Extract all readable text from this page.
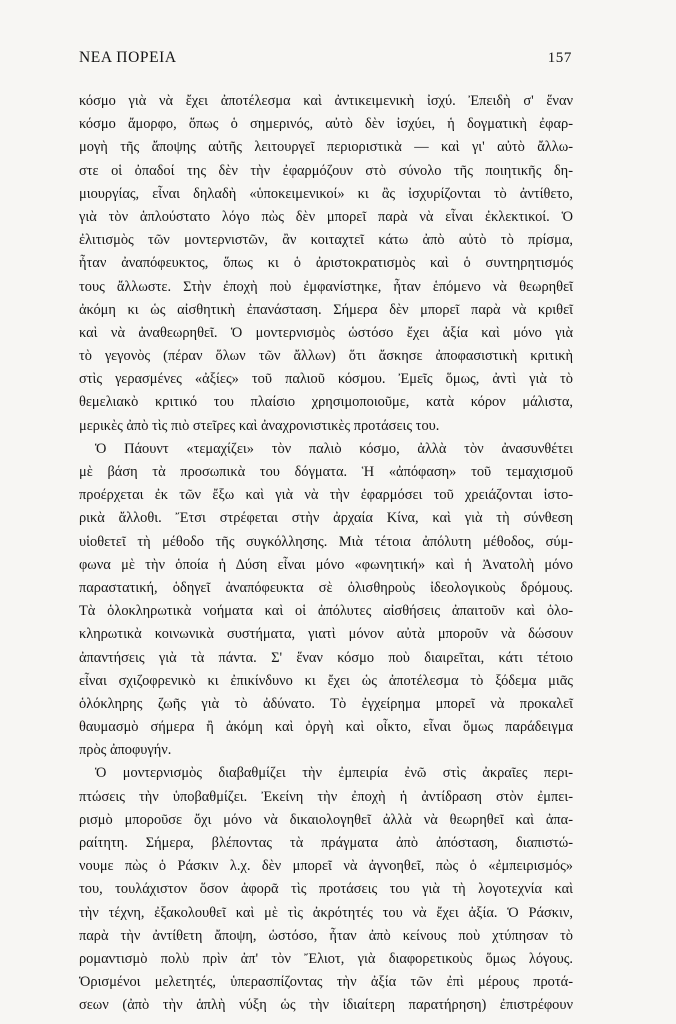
ΝΕΑ ΠΟΡΕΙΑ	157
κόσμο γιὰ νὰ ἔχει ἀποτέλεσμα καὶ ἀντικειμενικὴ ἰσχύ. Ἐπειδὴ σ' ἕναν
κόσμο ἄμορφο, ὅπως ὁ σημερινός, αὐτὸ δὲν ἰσχύει, ἡ δογματικὴ ἐφαρ-
μογὴ τῆς ἄποψης αὐτῆς λειτουργεῖ περιοριστικὰ — καὶ γι' αὐτὸ ἄλλω-
στε οἱ ὀπαδοί της δὲν τὴν ἐφαρμόζουν στὸ σύνολο τῆς ποιητικῆς δη-
μιουργίας, εἶναι δηλαδὴ «ὑποκειμενικοί» κι ἂς ἰσχυρίζονται τὸ ἀντίθετο,
γιὰ τὸν ἁπλούστατο λόγο πὼς δὲν μπορεῖ παρὰ νὰ εἶναι ἐκλεκτικοί. Ὁ
ἐλιτισμὸς τῶν μοντερνιστῶν, ἂν κοιταχτεῖ κάτω ἀπὸ αὐτὸ τὸ πρίσμα,
ἦταν ἀναπόφευκτος, ὅπως κι ὁ ἀριστοκρατισμὸς καὶ ὁ συντηρητισμός
τους ἄλλωστε. Στὴν ἐποχὴ ποὺ ἐμφανίστηκε, ἦταν ἑπόμενο νὰ θεωρηθεῖ
ἀκόμη κι ὡς αἰσθητικὴ ἐπανάσταση. Σήμερα δὲν μπορεῖ παρὰ νὰ κριθεῖ
καὶ νὰ ἀναθεωρηθεῖ. Ὁ μοντερνισμὸς ὡστόσο ἔχει ἀξία καὶ μόνο γιὰ
τὸ γεγονὸς (πέραν ὅλων τῶν ἄλλων) ὅτι ἄσκησε ἀποφασιστικὴ κριτικὴ
στὶς γερασμένες «ἀξίες» τοῦ παλιοῦ κόσμου. Ἐμεῖς ὅμως, ἀντὶ γιὰ τὸ
θεμελιακὸ κριτικό του πλαίσιο χρησιμοποιοῦμε, κατὰ κόρον μάλιστα,
μερικὲς ἀπὸ τὶς πιὸ στεῖρες καὶ ἀναχρονιστικὲς προτάσεις του.
Ὁ Πάουντ «τεμαχίζει» τὸν παλιὸ κόσμο, ἀλλὰ τὸν ἀνασυνθέτει
μὲ βάση τὰ προσωπικὰ του δόγματα. Ἡ «ἀπόφαση» τοῦ τεμαχισμοῦ
προέρχεται ἐκ τῶν ἔξω καὶ γιὰ νὰ τὴν ἐφαρμόσει τοῦ χρειάζονται ἱστο-
ρικὰ ἄλλοθι. Ἔτσι στρέφεται στὴν ἀρχαία Κίνα, καὶ γιὰ τὴ σύνθεση
υἱοθετεῖ τὴ μέθοδο τῆς συγκόλλησης. Μιὰ τέτοια ἀπόλυτη μέθοδος, σύμ-
φωνα μὲ τὴν ὁποία ἡ Δύση εἶναι μόνο «φωνητική» καὶ ἡ Ἀνατολὴ μόνο
παραστατική, ὁδηγεῖ ἀναπόφευκτα σὲ ὀλισθηροὺς ἰδεολογικοὺς δρόμους.
Τὰ ὁλοκληρωτικὰ νοήματα καὶ οἱ ἀπόλυτες αἰσθήσεις ἀπαιτοῦν καὶ ὁλο-
κληρωτικὰ κοινωνικὰ συστήματα, γιατὶ μόνον αὐτὰ μποροῦν νὰ δώσουν
ἀπαντήσεις γιὰ τὰ πάντα. Σ' ἕναν κόσμο ποὺ διαιρεῖται, κάτι τέτοιο
εἶναι σχιζοφρενικὸ κι ἐπικίνδυνο κι ἔχει ὡς ἀποτέλεσμα τὸ ξόδεμα μιᾶς
ὁλόκληρης ζωῆς γιὰ τὸ ἀδύνατο. Τὸ ἐγχείρημα μπορεῖ νὰ προκαλεῖ
θαυμασμὸ σήμερα ἢ ἀκόμη καὶ ὀργὴ καὶ οἶκτο, εἶναι ὅμως παράδειγμα
πρὸς ἀποφυγήν.
Ὁ μοντερνισμὸς διαβαθμίζει τὴν ἐμπειρία ἐνῶ στὶς ἀκραῖες περι-
πτώσεις τὴν ὑποβαθμίζει. Ἐκείνη τὴν ἐποχὴ ἡ ἀντίδραση στὸν ἐμπει-
ρισμὸ μποροῦσε ὄχι μόνο νὰ δικαιολογηθεῖ ἀλλὰ νὰ θεωρηθεῖ καὶ ἀπα-
ραίτητη. Σήμερα, βλέποντας τὰ πράγματα ἀπὸ ἀπόσταση, διαπιστώ-
νουμε πὼς ὁ Ράσκιν λ.χ. δὲν μπορεῖ νὰ ἀγνοηθεῖ, πὼς ὁ «ἐμπειρισμός»
του, τουλάχιστον ὅσον ἀφορᾶ τὶς προτάσεις του γιὰ τὴ λογοτεχνία καὶ
τὴν τέχνη, ἐξακολουθεῖ καὶ μὲ τὶς ἀκρότητές του νὰ ἔχει ἀξία. Ὁ Ράσκιν,
παρὰ τὴν ἀντίθετη ἄποψη, ὡστόσο, ἦταν ἀπὸ κείνους ποὺ χτύπησαν τὸ
ρομαντισμὸ πολὺ πρὶν ἀπ' τὸν Ἔλιοτ, γιὰ διαφορετικοὺς ὅμως λόγους.
Ὁρισμένοι μελετητές, ὑπερασπίζοντας τὴν ἀξία τῶν ἐπὶ μέρους προτά-
σεων (ἀπὸ τὴν ἁπλὴ νύξη ὡς τὴν ἰδιαίτερη παρατήρηση) ἐπιστρέφουν
